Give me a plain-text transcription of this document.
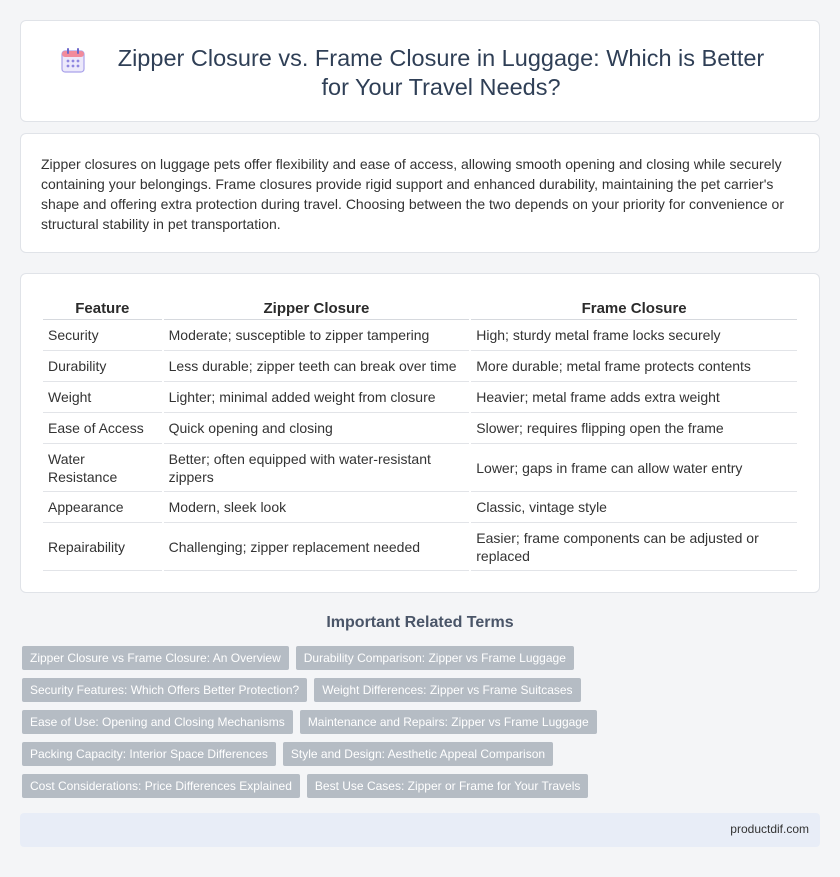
Zipper Closure vs. Frame Closure in Luggage: Which is Better for Your Travel Needs?

Zipper closures on luggage pets offer flexibility and ease of access, allowing smooth opening and closing while securely containing your belongings. Frame closures provide rigid support and enhanced durability, maintaining the pet carrier's shape and offering extra protection during travel. Choosing between the two depends on your priority for convenience or structural stability in pet transportation.

Feature	Zipper Closure	Frame Closure
Security	Moderate; susceptible to zipper tampering	High; sturdy metal frame locks securely
Durability	Less durable; zipper teeth can break over time	More durable; metal frame protects contents
Weight	Lighter; minimal added weight from closure	Heavier; metal frame adds extra weight
Ease of Access	Quick opening and closing	Slower; requires flipping open the frame
Water Resistance	Better; often equipped with water-resistant zippers	Lower; gaps in frame can allow water entry
Appearance	Modern, sleek look	Classic, vintage style
Repairability	Challenging; zipper replacement needed	Easier; frame components can be adjusted or replaced
Important Related Terms
Zipper Closure vs Frame Closure: An Overview	Durability Comparison: Zipper vs Frame Luggage
Security Features: Which Offers Better Protection?	Weight Differences: Zipper vs Frame Suitcases
Ease of Use: Opening and Closing Mechanisms	Maintenance and Repairs: Zipper vs Frame Luggage
Packing Capacity: Interior Space Differences	Style and Design: Aesthetic Appeal Comparison
Cost Considerations: Price Differences Explained	Best Use Cases: Zipper or Frame for Your Travels
productdif.com
